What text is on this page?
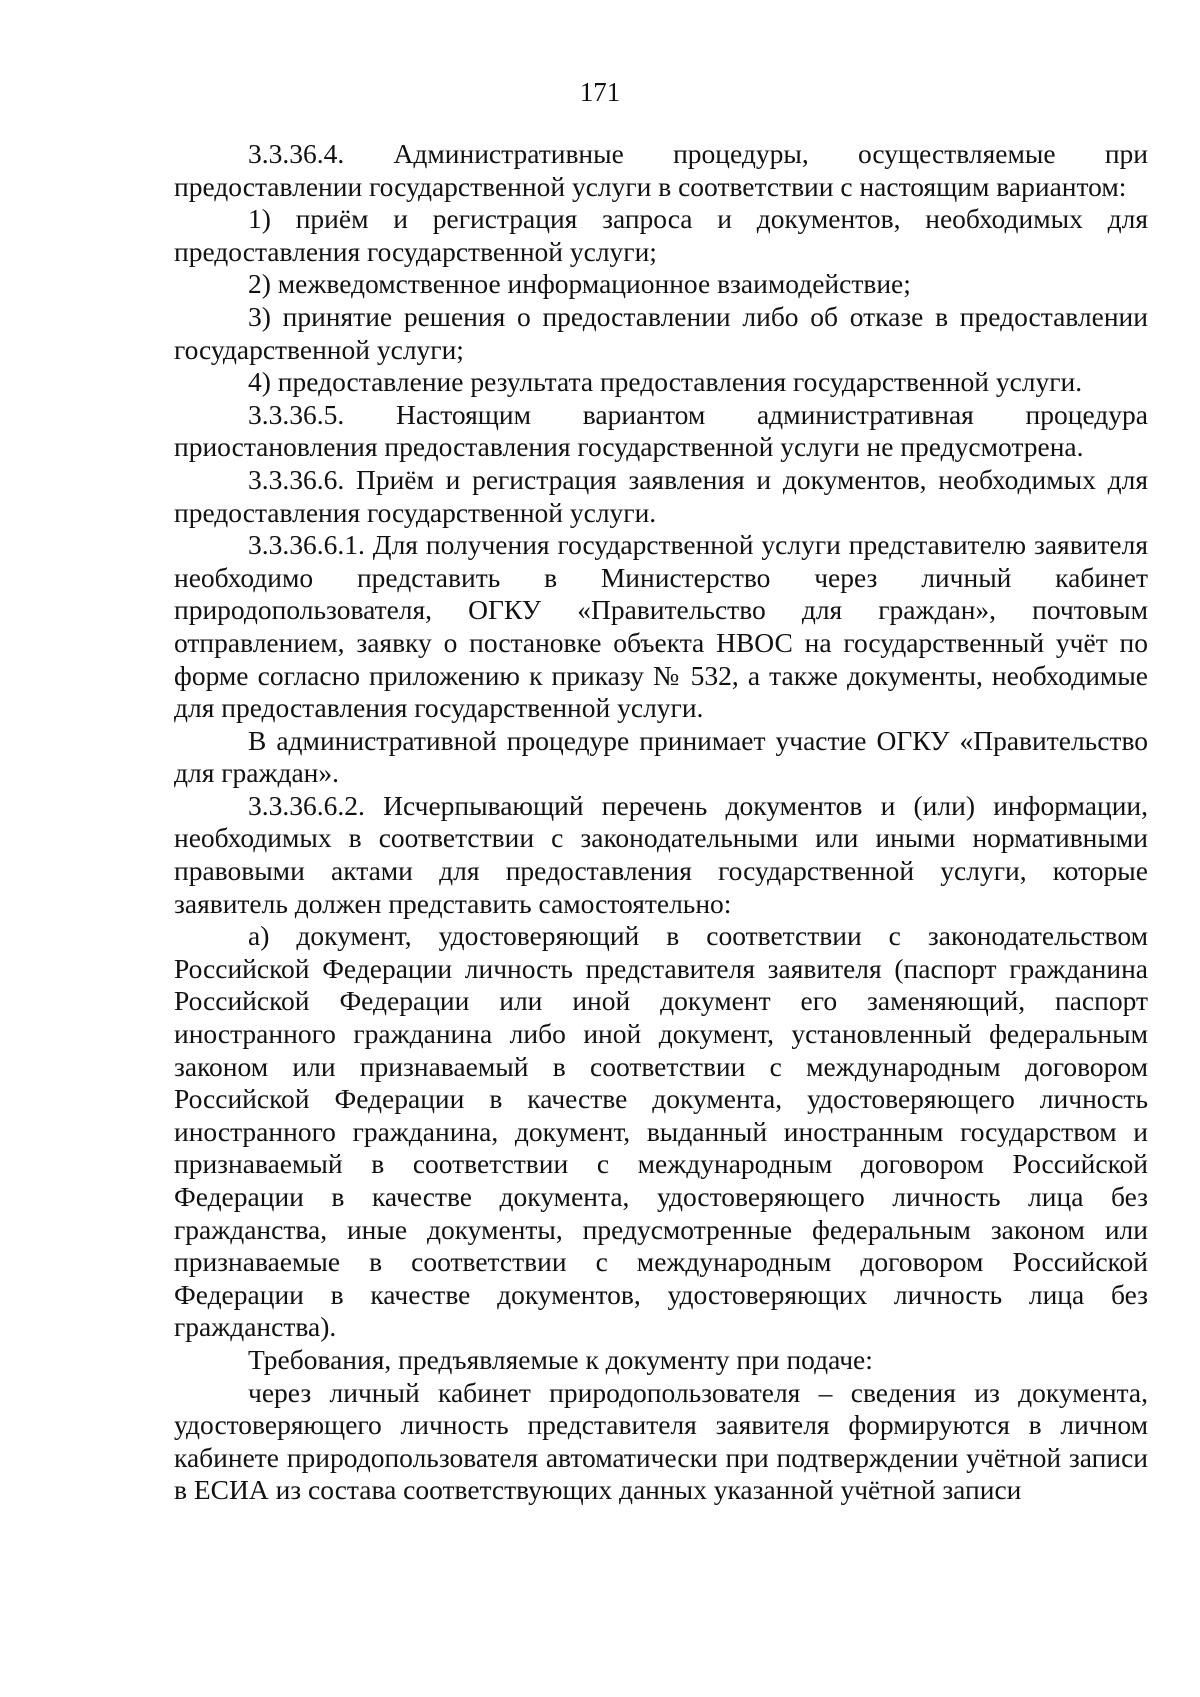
171

3.3.36.4. Административные процедуры, осуществляемые при предоставлении государственной услуги в соответствии с настоящим вариантом:

1) приём и регистрация запроса и документов, необходимых для предоставления государственной услуги;

2) межведомственное информационное взаимодействие;

3) принятие решения о предоставлении либо об отказе в предоставлении государственной услуги;

4) предоставление результата предоставления государственной услуги.

3.3.36.5. Настоящим вариантом административная процедура приостановления предоставления государственной услуги не предусмотрена.

3.3.36.6. Приём и регистрация заявления и документов, необходимых для предоставления государственной услуги.

3.3.36.6.1. Для получения государственной услуги представителю заявителя необходимо представить в Министерство через личный кабинет природопользователя, ОГКУ «Правительство для граждан», почтовым отправлением, заявку о постановке объекта НВОС на государственный учёт по форме согласно приложению к приказу № 532, а также документы, необходимые для предоставления государственной услуги.

В административной процедуре принимает участие ОГКУ «Правительство для граждан».

3.3.36.6.2. Исчерпывающий перечень документов и (или) информации, необходимых в соответствии с законодательными или иными нормативными правовыми актами для предоставления государственной услуги, которые заявитель должен представить самостоятельно:

а) документ, удостоверяющий в соответствии с законодательством Российской Федерации личность представителя заявителя (паспорт гражданина Российской Федерации или иной документ его заменяющий, паспорт иностранного гражданина либо иной документ, установленный федеральным законом или признаваемый в соответствии с международным договором Российской Федерации в качестве документа, удостоверяющего личность иностранного гражданина, документ, выданный иностранным государством и признаваемый в соответствии с международным договором Российской Федерации в качестве документа, удостоверяющего личность лица без гражданства, иные документы, предусмотренные федеральным законом или признаваемые в соответствии с международным договором Российской Федерации в качестве документов, удостоверяющих личность лица без гражданства).

Требования, предъявляемые к документу при подаче:

через личный кабинет природопользователя – сведения из документа, удостоверяющего личность представителя заявителя формируются в личном кабинете природопользователя автоматически при подтверждении учётной записи в ЕСИА из состава соответствующих данных указанной учётной записи
